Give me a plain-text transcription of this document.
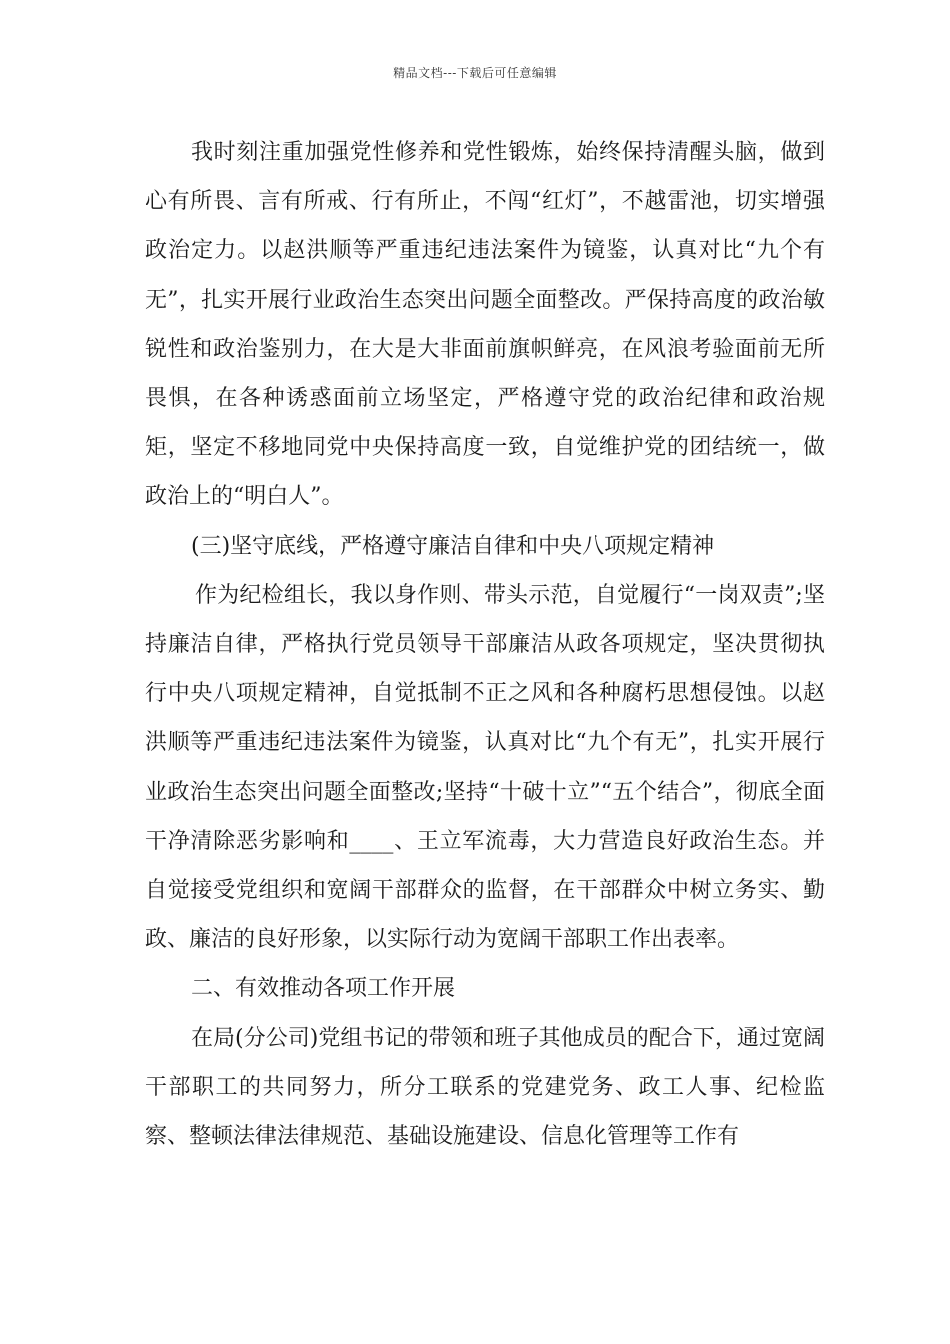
精品文档---下载后可任意编辑

我时刻注重加强党性修养和党性锻炼，始终保持清醒头脑，做到心有所畏、言有所戒、行有所止，不闯“红灯”，不越雷池，切实增强政治定力。以赵洪顺等严重违纪违法案件为镜鉴，认真对比“九个有无”，扎实开展行业政治生态突出问题全面整改。严保持高度的政治敏锐性和政治鉴别力，在大是大非面前旗帜鲜亮，在风浪考验面前无所畏惧，在各种诱惑面前立场坚定，严格遵守党的政治纪律和政治规矩，坚定不移地同党中央保持高度一致，自觉维护党的团结统一，做政治上的“明白人”。

(三)坚守底线，严格遵守廉洁自律和中央八项规定精神

作为纪检组长，我以身作则、带头示范，自觉履行“一岗双责”;坚持廉洁自律，严格执行党员领导干部廉洁从政各项规定，坚决贯彻执行中央八项规定精神，自觉抵制不正之风和各种腐朽思想侵蚀。以赵洪顺等严重违纪违法案件为镜鉴，认真对比“九个有无”，扎实开展行业政治生态突出问题全面整改;坚持“十破十立”“五个结合”，彻底全面干净清除恶劣影响和____、王立军流毒，大力营造良好政治生态。并自觉接受党组织和宽阔干部群众的监督，在干部群众中树立务实、勤政、廉洁的良好形象，以实际行动为宽阔干部职工作出表率。

二、有效推动各项工作开展

在局(分公司)党组书记的带领和班子其他成员的配合下，通过宽阔干部职工的共同努力，所分工联系的党建党务、政工人事、纪检监察、整顿法律法律规范、基础设施建设、信息化管理等工作有
